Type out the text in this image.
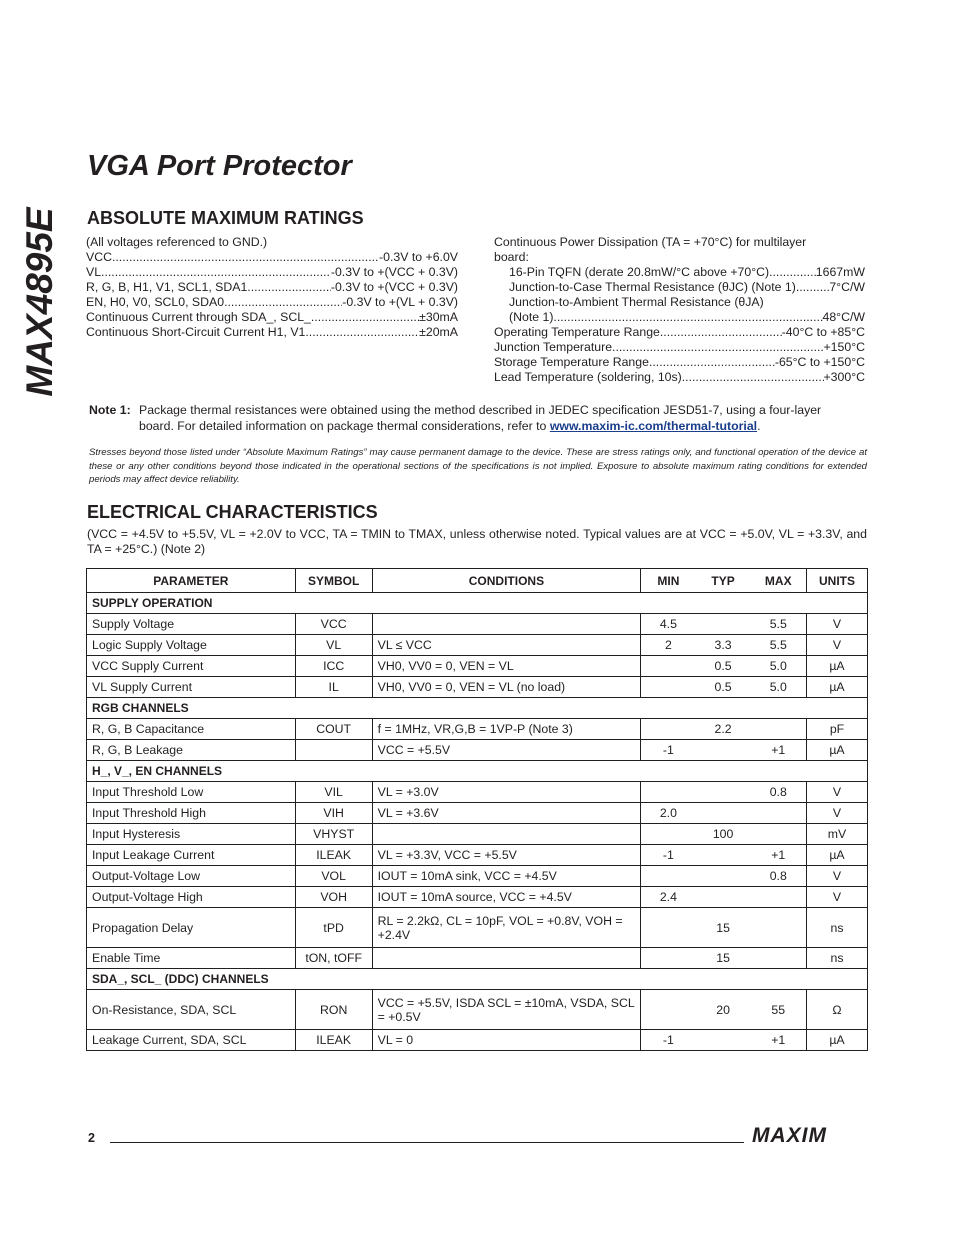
MAX4895E
VGA Port Protector
ABSOLUTE MAXIMUM RATINGS
(All voltages referenced to GND.)
VCC .....	-0.3V to +6.0V
VL .....	-0.3V to +(VCC + 0.3V)
R, G, B, H1, V1, SCL1, SDA1 .....	-0.3V to +(VCC + 0.3V)
EN, H0, V0, SCL0, SDA0 .....	-0.3V to +(VL + 0.3V)
Continuous Current through SDA_, SCL_ .....	±30mA
Continuous Short-Circuit Current H1, V1 .....	±20mA
Continuous Power Dissipation (TA = +70°C) for multilayer
board:
16-Pin TQFN (derate 20.8mW/°C above +70°C) .....	1667mW
Junction-to-Case Thermal Resistance (θJC) (Note 1) .....	7°C/W
Junction-to-Ambient Thermal Resistance (θJA)
(Note 1) .....	48°C/W
Operating Temperature Range .....	-40°C to +85°C
Junction Temperature .....	+150°C
Storage Temperature Range .....	-65°C to +150°C
Lead Temperature (soldering, 10s) .....	+300°C
Note 1: Package thermal resistances were obtained using the method described in JEDEC specification JESD51-7, using a four-layer board. For detailed information on package thermal considerations, refer to www.maxim-ic.com/thermal-tutorial.
Stresses beyond those listed under “Absolute Maximum Ratings” may cause permanent damage to the device. These are stress ratings only, and functional operation of the device at these or any other conditions beyond those indicated in the operational sections of the specifications is not implied. Exposure to absolute maximum rating conditions for extended periods may affect device reliability.
ELECTRICAL CHARACTERISTICS
(VCC = +4.5V to +5.5V, VL = +2.0V to VCC, TA = TMIN to TMAX, unless otherwise noted. Typical values are at VCC = +5.0V, VL = +3.3V, and TA = +25°C.) (Note 2)
PARAMETER	SYMBOL	CONDITIONS	MIN	TYP	MAX	UNITS
SUPPLY OPERATION						
Supply Voltage	VCC		4.5		5.5	V
Logic Supply Voltage	VL	VL ≤ VCC	2	3.3	5.5	V
VCC Supply Current	ICC	VH0, VV0 = 0, VEN = VL		0.5	5.0	µA
VL Supply Current	IL	VH0, VV0 = 0, VEN = VL (no load)		0.5	5.0	µA
RGB CHANNELS						
R, G, B Capacitance	COUT	f = 1MHz, VR,G,B = 1VP-P (Note 3)		2.2		pF
R, G, B Leakage		VCC = +5.5V	-1		+1	µA
H_, V_, EN CHANNELS						
Input Threshold Low	VIL	VL = +3.0V			0.8	V
Input Threshold High	VIH	VL = +3.6V	2.0			V
Input Hysteresis	VHYST			100		mV
Input Leakage Current	ILEAK	VL = +3.3V, VCC = +5.5V	-1		+1	µA
Output-Voltage Low	VOL	IOUT = 10mA sink, VCC = +4.5V			0.8	V
Output-Voltage High	VOH	IOUT = 10mA source, VCC = +4.5V	2.4			V
Propagation Delay	tPD	RL = 2.2kΩ, CL = 10pF, VOL = +0.8V, VOH = +2.4V		15		ns
Enable Time	tON, tOFF			15		ns
SDA_, SCL_ (DDC) CHANNELS						
On-Resistance, SDA, SCL	RON	VCC = +5.5V, ISDA SCL = ±10mA, VSDA, SCL = +0.5V		20	55	Ω
Leakage Current, SDA, SCL	ILEAK	VL = 0	-1		+1	µA
2	MAXIM
